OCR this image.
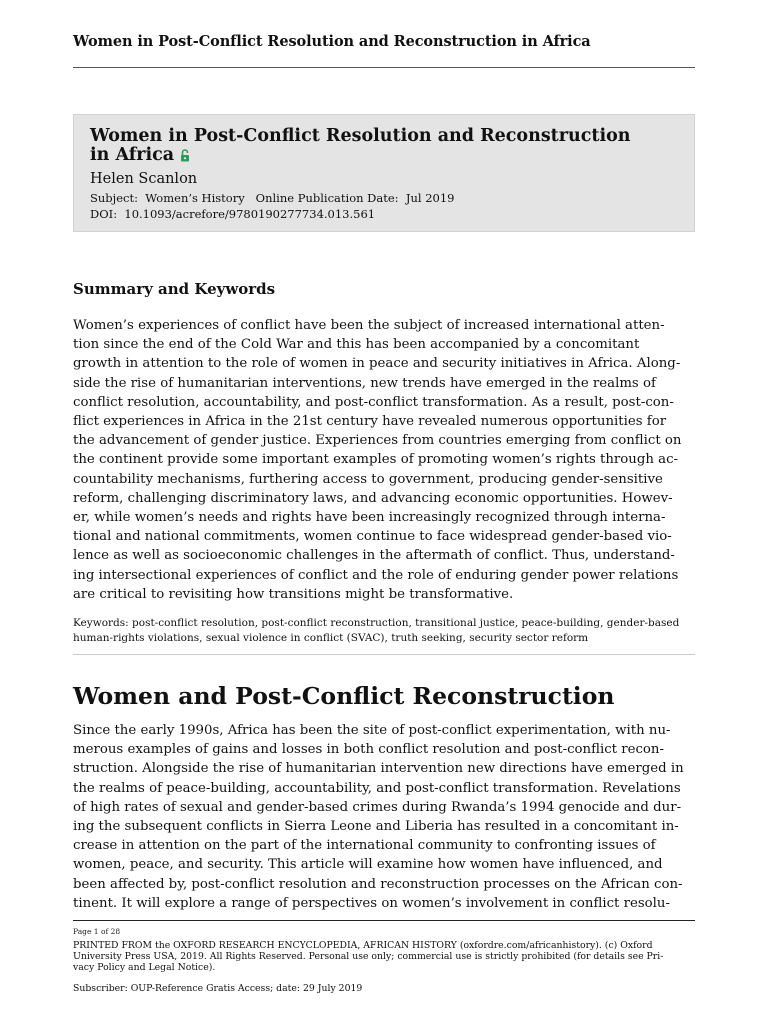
Women in Post-Conflict Resolution and Reconstruction in Africa
Women in Post-Conflict Resolution and Reconstruction
in Africa
Helen Scanlon
Subject:  Women’s History   Online Publication Date:  Jul 2019
DOI:  10.1093/acrefore/9780190277734.013.561
Summary and Keywords
Women’s experiences of conflict have been the subject of increased international atten-
tion since the end of the Cold War and this has been accompanied by a concomitant
growth in attention to the role of women in peace and security initiatives in Africa. Along-
side the rise of humanitarian interventions, new trends have emerged in the realms of
conflict resolution, accountability, and post-conflict transformation. As a result, post-con-
flict experiences in Africa in the 21st century have revealed numerous opportunities for
the advancement of gender justice. Experiences from countries emerging from conflict on
the continent provide some important examples of promoting women’s rights through ac-
countability mechanisms, furthering access to government, producing gender-sensitive
reform, challenging discriminatory laws, and advancing economic opportunities. Howev-
er, while women’s needs and rights have been increasingly recognized through interna-
tional and national commitments, women continue to face widespread gender-based vio-
lence as well as socioeconomic challenges in the aftermath of conflict. Thus, understand-
ing intersectional experiences of conflict and the role of enduring gender power relations
are critical to revisiting how transitions might be transformative.
Keywords: post-conflict resolution, post-conflict reconstruction, transitional justice, peace-building, gender-based
human-rights violations, sexual violence in conflict (SVAC), truth seeking, security sector reform
Women and Post-Conflict Reconstruction
Since the early 1990s, Africa has been the site of post-conflict experimentation, with nu-
merous examples of gains and losses in both conflict resolution and post-conflict recon-
struction. Alongside the rise of humanitarian intervention new directions have emerged in
the realms of peace-building, accountability, and post-conflict transformation. Revelations
of high rates of sexual and gender-based crimes during Rwanda’s 1994 genocide and dur-
ing the subsequent conflicts in Sierra Leone and Liberia has resulted in a concomitant in-
crease in attention on the part of the international community to confronting issues of
women, peace, and security. This article will examine how women have influenced, and
been affected by, post-conflict resolution and reconstruction processes on the African con-
tinent. It will explore a range of perspectives on women’s involvement in conflict resolu-
Page 1 of 28
PRINTED FROM the OXFORD RESEARCH ENCYCLOPEDIA, AFRICAN HISTORY (oxfordre.com/africanhistory). (c) Oxford
University Press USA, 2019. All Rights Reserved. Personal use only; commercial use is strictly prohibited (for details see Pri-
vacy Policy and Legal Notice).
Subscriber: OUP-Reference Gratis Access; date: 29 July 2019
